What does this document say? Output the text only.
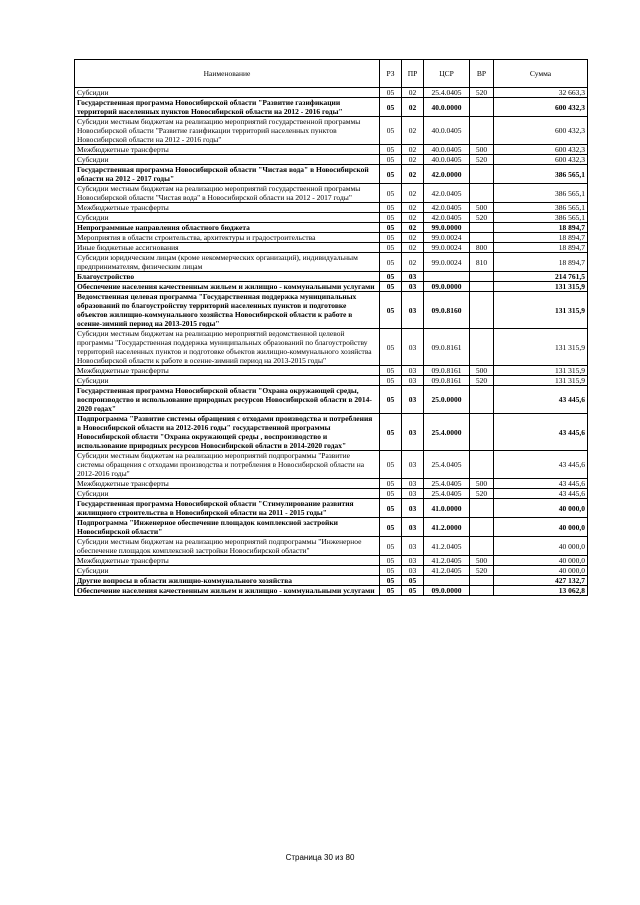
Наименование	РЗ	ПР	ЦСР	ВР	Сумма
Субсидии	05	02	25.4.0405	520	32 663,3
Государственная программа Новосибирской области "Развитие газификации территорий населенных пунктов Новосибирской области на 2012 - 2016 годы"	05	02	40.0.0000		600 432,3
Субсидии местным бюджетам на реализацию мероприятий государственной программы Новосибирской области "Развитие газификации территорий населенных пунктов Новосибирской области на 2012 - 2016 годы"	05	02	40.0.0405		600 432,3
Межбюджетные трансферты	05	02	40.0.0405	500	600 432,3
Субсидии	05	02	40.0.0405	520	600 432,3
Государственная программа Новосибирской области "Чистая вода" в Новосибирской области на 2012 - 2017 годы"	05	02	42.0.0000		386 565,1
Субсидии местным бюджетам на реализацию мероприятий государственной программы Новосибирской области "Чистая вода" в Новосибирской области на 2012 - 2017 годы"	05	02	42.0.0405		386 565,1
Межбюджетные трансферты	05	02	42.0.0405	500	386 565,1
Субсидии	05	02	42.0.0405	520	386 565,1
Непрограммные направления областного бюджета	05	02	99.0.0000		18 894,7
Мероприятия в области строительства, архитектуры и градостроительства	05	02	99.0.0024		18 894,7
Иные бюджетные ассигнования	05	02	99.0.0024	800	18 894,7
Субсидии юридическим лицам (кроме некоммерческих организаций), индивидуальным предпринимателям, физическим лицам	05	02	99.0.0024	810	18 894,7
Благоустройство	05	03			214 761,5
Обеспечение населения качественным жильем и жилищно - коммунальными услугами	05	03	09.0.0000		131 315,9
Ведомственная целевая программа "Государственная поддержка муниципальных образований по благоустройству территорий населенных пунктов и подготовке объектов жилищно-коммунального хозяйства Новосибирской области к работе в осенне-зимний период на 2013-2015 годы"	05	03	09.0.8160		131 315,9
Субсидии местным бюджетам на реализацию мероприятий ведомственной целевой программы "Государственная поддержка муниципальных образований по благоустройству территорий населенных пунктов и подготовке объектов жилищно-коммунального хозяйства Новосибирской области к работе в осенне-зимний период на 2013-2015 годы"	05	03	09.0.8161		131 315,9
Межбюджетные трансферты	05	03	09.0.8161	500	131 315,9
Субсидии	05	03	09.0.8161	520	131 315,9
Государственная программа Новосибирской области "Охрана окружающей среды, воспроизводство и использование природных ресурсов Новосибирской области в 2014-2020 годах"	05	03	25.0.0000		43 445,6
Подпрограмма "Развитие системы обращения с отходами производства и потребления в Новосибирской области на 2012-2016 годы" государственной программы Новосибирской области "Охрана окружающей среды , воспроизводство и использование природных ресурсов Новосибирской области в 2014-2020 годах"	05	03	25.4.0000		43 445,6
Субсидии местным бюджетам на реализацию мероприятий подпрограммы "Развитие системы обращения с отходами производства и потребления в Новосибирской области на 2012-2016 годы"	05	03	25.4.0405		43 445,6
Межбюджетные трансферты	05	03	25.4.0405	500	43 445,6
Субсидии	05	03	25.4.0405	520	43 445,6
Государственная программа Новосибирской области "Стимулирование развития жилищного строительства в Новосибирской области на 2011 - 2015 годы"	05	03	41.0.0000		40 000,0
Подпрограмма "Инженерное обеспечение площадок комплексной застройки Новосибирской области"	05	03	41.2.0000		40 000,0
Субсидии местным бюджетам на реализацию мероприятий подпрограммы "Инженерное обеспечение площадок комплексной застройки Новосибирской области"	05	03	41.2.0405		40 000,0
Межбюджетные трансферты	05	03	41.2.0405	500	40 000,0
Субсидии	05	03	41.2.0405	520	40 000,0
Другие вопросы в области жилищно-коммунального хозяйства	05	05			427 132,7
Обеспечение населения качественным жильем и жилищно - коммунальными услугами	05	05	09.0.0000		13 062,8
Страница 30 из 80
